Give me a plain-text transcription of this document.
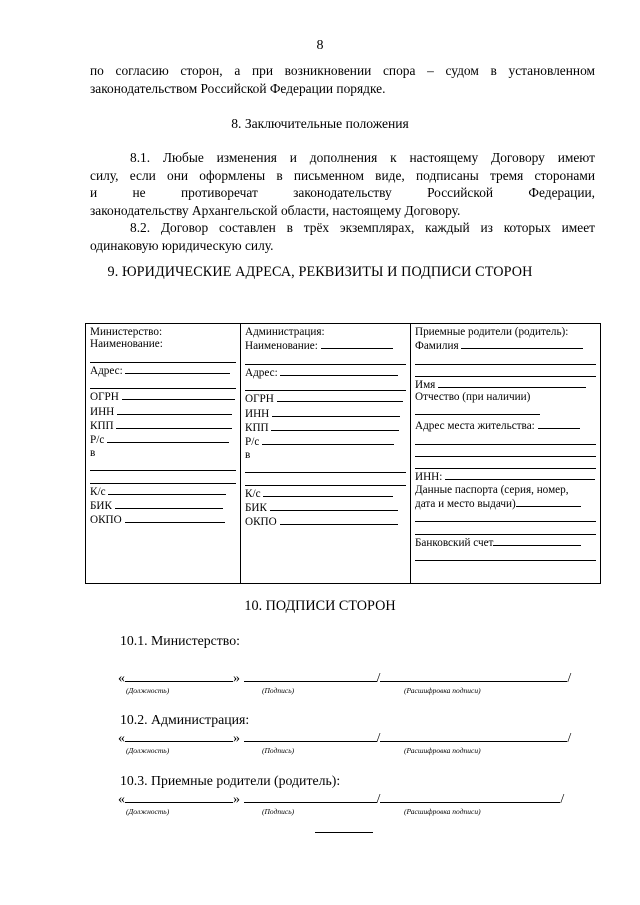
8
по согласию сторон, а при возникновении спора – судом в установленном
законодательством Российской Федерации порядке.
8. Заключительные положения
8.1. Любые изменения и дополнения к настоящему Договору имеют
силу, если они оформлены в письменном виде, подписаны тремя сторонами
и не противоречат законодательству Российской Федерации,
законодательству Архангельской области, настоящему Договору.
8.2. Договор составлен в трёх экземплярах, каждый из которых имеет
одинаковую юридическую силу.
9. ЮРИДИЧЕСКИЕ АДРЕСА, РЕКВИЗИТЫ И ПОДПИСИ СТОРОН
Министерство:
Наименование:
Адрес:
ОГРН
ИНН
КПП
Р/с
в
К/с
БИК
ОКПО

Администрация:
Наименование:
Адрес:
ОГРН
ИНН
КПП
Р/с
в
К/с
БИК
ОКПО

Приемные родители (родитель):
Фамилия
Имя
Отчество (при наличии)
Адрес места жительства:
ИНН:
Данные паспорта (серия, номер,
дата и место выдачи)
Банковский счет
10. ПОДПИСИ СТОРОН
10.1. Министерство:
«	»	/	/
(Должность)	(Подпись)	(Расшифровка подписи)
10.2. Администрация:
«	»	/	/
(Должность)	(Подпись)	(Расшифровка подписи)
10.3. Приемные родители (родитель):
«	»	/	/
(Должность)	(Подпись)	(Расшифровка подписи)
